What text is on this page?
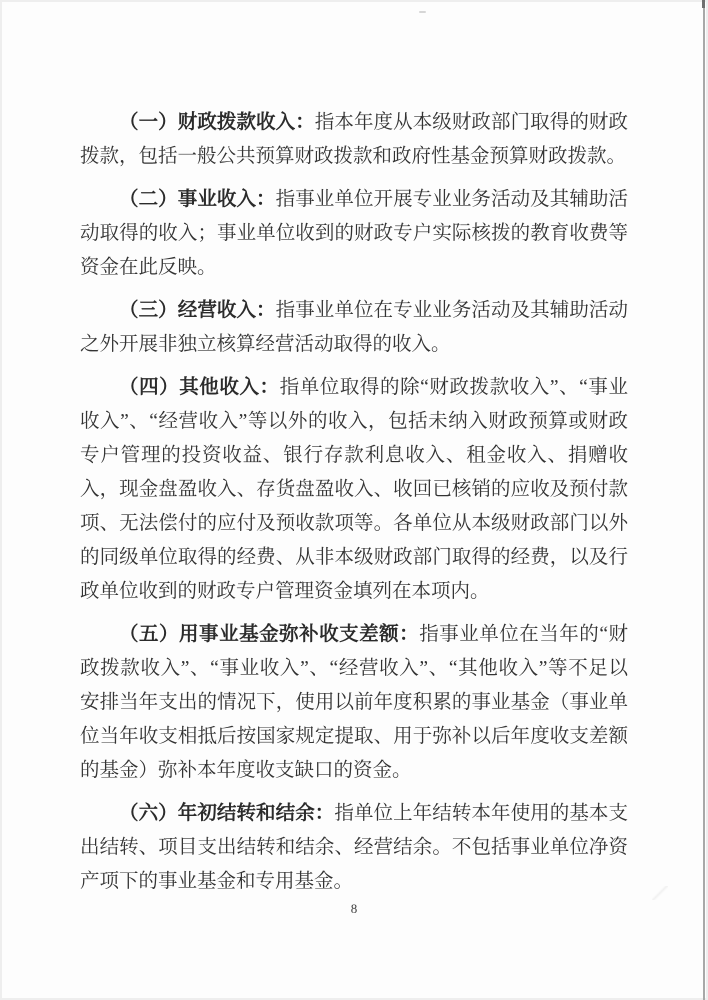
（一）财政拨款收入：指本年度从本级财政部门取得的财政拨款，包括一般公共预算财政拨款和政府性基金预算财政拨款。

（二）事业收入：指事业单位开展专业业务活动及其辅助活动取得的收入；事业单位收到的财政专户实际核拨的教育收费等资金在此反映。

（三）经营收入：指事业单位在专业业务活动及其辅助活动之外开展非独立核算经营活动取得的收入。

（四）其他收入：指单位取得的除“财政拨款收入”、“事业收入”、“经营收入”等以外的收入，包括未纳入财政预算或财政专户管理的投资收益、银行存款利息收入、租金收入、捐赠收入，现金盘盈收入、存货盘盈收入、收回已核销的应收及预付款项、无法偿付的应付及预收款项等。各单位从本级财政部门以外的同级单位取得的经费、从非本级财政部门取得的经费，以及行政单位收到的财政专户管理资金填列在本项内。

（五）用事业基金弥补收支差额：指事业单位在当年的“财政拨款收入”、“事业收入”、“经营收入”、“其他收入”等不足以安排当年支出的情况下，使用以前年度积累的事业基金（事业单位当年收支相抵后按国家规定提取、用于弥补以后年度收支差额的基金）弥补本年度收支缺口的资金。

（六）年初结转和结余：指单位上年结转本年使用的基本支出结转、项目支出结转和结余、经营结余。不包括事业单位净资产项下的事业基金和专用基金。

8
